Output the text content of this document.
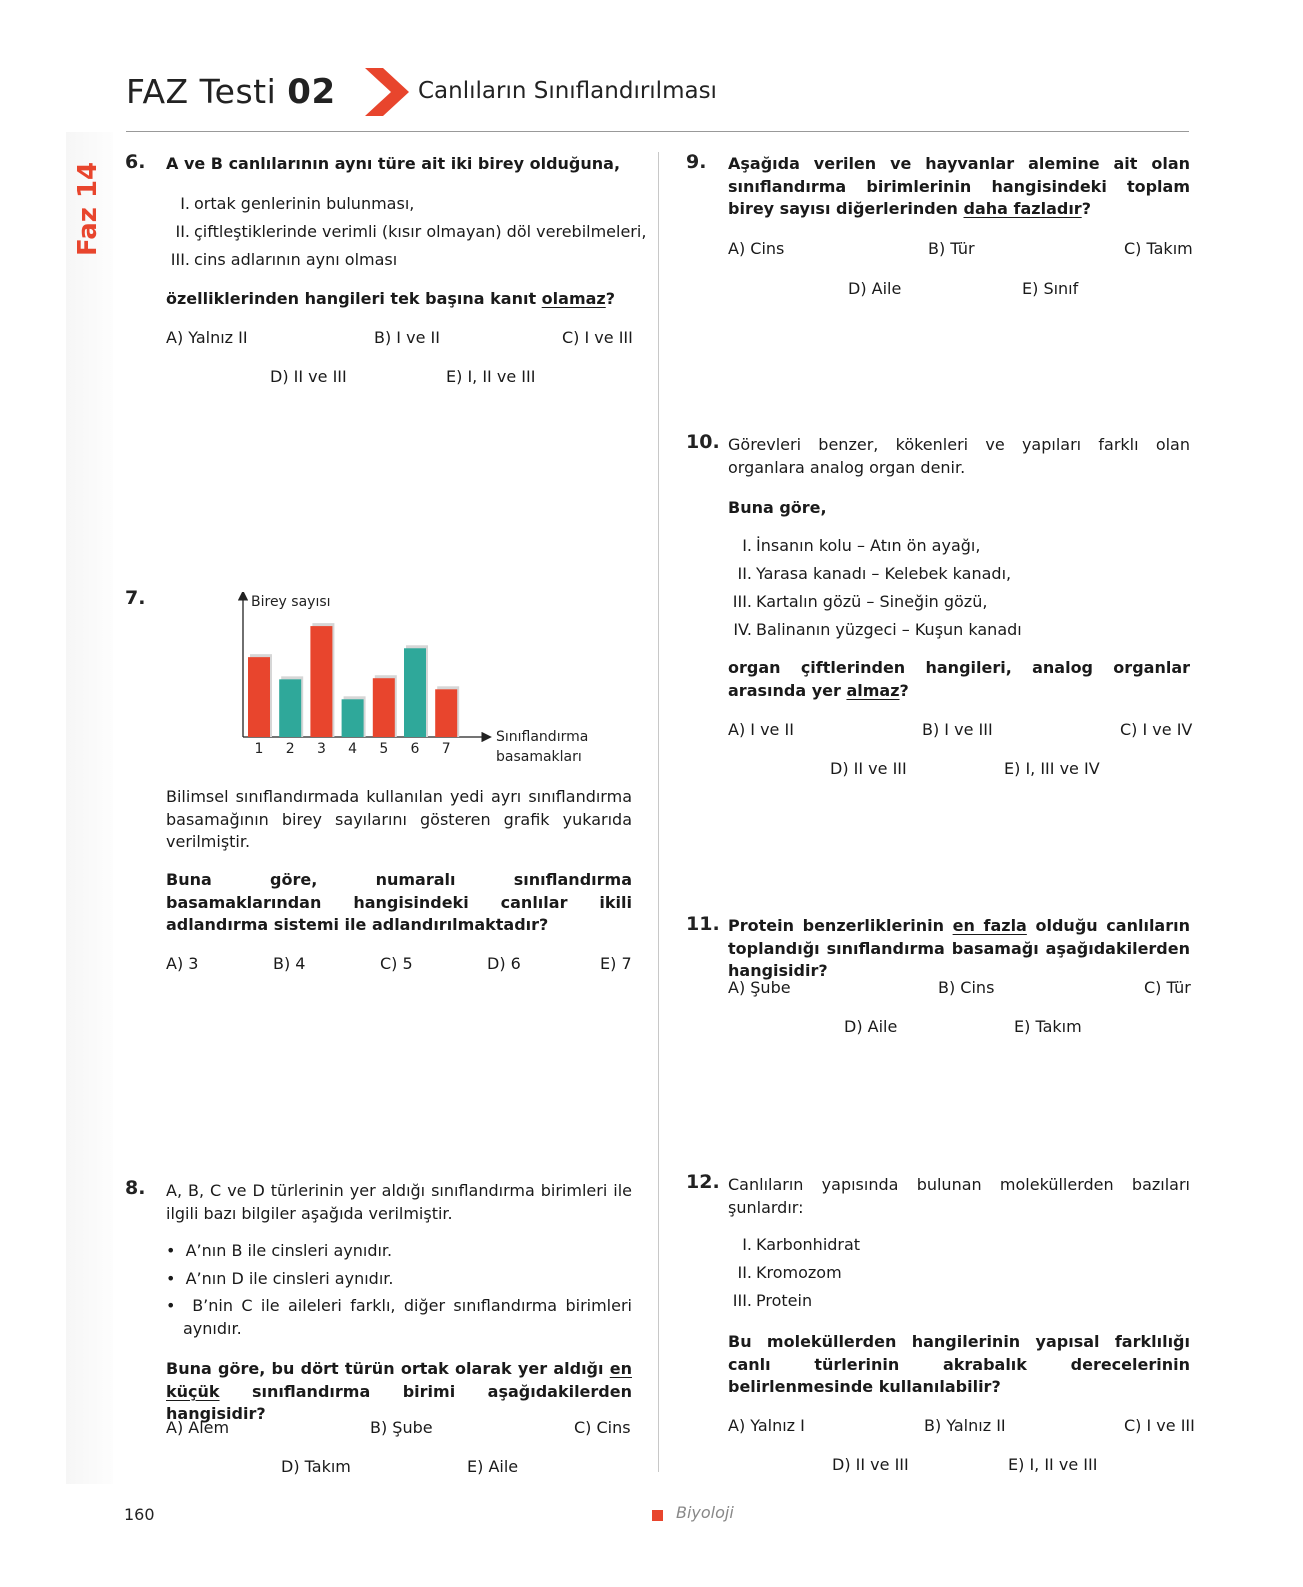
FAZ Testi 02	Canlıların Sınıflandırılması
Faz 14 6. A ve B canlılarının aynı türe ait iki birey olduğuna,
I. ortak genlerinin bulunması,
II. çiftleştiklerinde verimli (kısır olmayan) döl verebilmeleri,
III. cins adlarının aynı olması
özelliklerinden hangileri tek başına kanıt olamaz?
A) Yalnız II	B) I ve II	C) I ve III
D) II ve III	E) I, II ve III
7.	Birey sayısı
Sınıflandırma
basamakları
1 2 3 4 5 6 7
Bilimsel sınıflandırmada kullanılan yedi ayrı sınıflandırma basamağının birey sayılarını gösteren grafik yukarıda verilmiştir.
Buna göre, numaralı sınıflandırma basamaklarından hangisindeki canlılar ikili adlandırma sistemi ile adlandırılmaktadır?
A) 3	B) 4	C) 5	D) 6	E) 7
8. A, B, C ve D türlerinin yer aldığı sınıflandırma birimleri ile ilgili bazı bilgiler aşağıda verilmiştir.
•  A’nın B ile cinsleri aynıdır.
•  A’nın D ile cinsleri aynıdır.
•  B’nin C ile aileleri farklı, diğer sınıflandırma birimleri aynıdır.
Buna göre, bu dört türün ortak olarak yer aldığı en küçük sınıflandırma birimi aşağıdakilerden hangisidir?
A) Alem	B) Şube	C) Cins
D) Takım	E) Aile
9. Aşağıda verilen ve hayvanlar alemine ait olan sınıflandırma birimlerinin hangisindeki toplam birey sayısı diğerlerinden daha fazladır?
A) Cins	B) Tür	C) Takım
D) Aile	E) Sınıf
10. Görevleri benzer, kökenleri ve yapıları farklı olan organlara analog organ denir.
Buna göre,
I. İnsanın kolu – Atın ön ayağı,
II. Yarasa kanadı – Kelebek kanadı,
III. Kartalın gözü – Sineğin gözü,
IV. Balinanın yüzgeci – Kuşun kanadı
organ çiftlerinden hangileri, analog organlar arasında yer almaz?
A) I ve II	B) I ve III	C) I ve IV
D) II ve III	E) I, III ve IV
11. Protein benzerliklerinin en fazla olduğu canlıların toplandığı sınıflandırma basamağı aşağıdakilerden hangisidir?
A) Şube	B) Cins	C) Tür
D) Aile	E) Takım
12. Canlıların yapısında bulunan moleküllerden bazıları şunlardır:
I. Karbonhidrat
II. Kromozom
III. Protein
Bu moleküllerden hangilerinin yapısal farklılığı canlı türlerinin akrabalık derecelerinin belirlenmesinde kullanılabilir?
A) Yalnız I	B) Yalnız II	C) I ve III
D) II ve III	E) I, II ve III
160	Biyoloji
